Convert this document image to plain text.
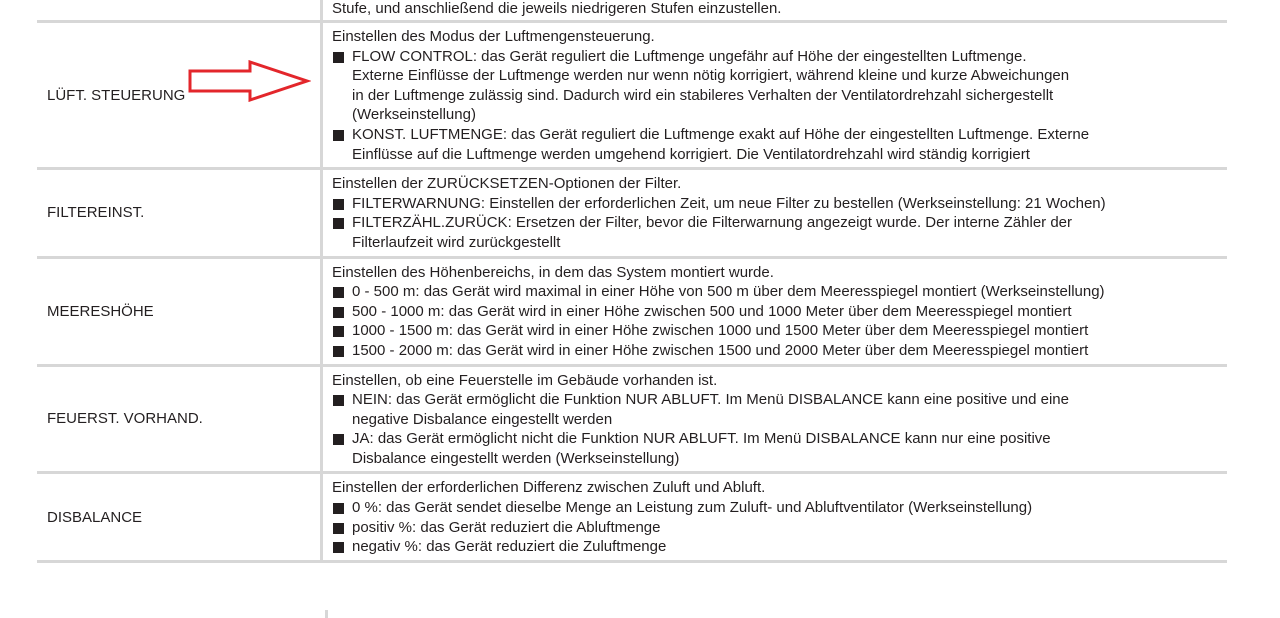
Stufe, und anschließend die jeweils niedrigeren Stufen einzustellen.
LÜFT. STEUERUNG
Einstellen des Modus der Luftmengensteuerung.
FLOW CONTROL: das Gerät reguliert die Luftmenge ungefähr auf Höhe der eingestellten Luftmenge.
Externe Einflüsse der Luftmenge werden nur wenn nötig korrigiert, während kleine und kurze Abweichungen
in der Luftmenge zulässig sind. Dadurch wird ein stabileres Verhalten der Ventilatordrehzahl sichergestellt
(Werkseinstellung)
KONST. LUFTMENGE: das Gerät reguliert die Luftmenge exakt auf Höhe der eingestellten Luftmenge. Externe
Einflüsse auf die Luftmenge werden umgehend korrigiert. Die Ventilatordrehzahl wird ständig korrigiert
FILTEREINST.
Einstellen der ZURÜCKSETZEN-Optionen der Filter.
FILTERWARNUNG: Einstellen der erforderlichen Zeit, um neue Filter zu bestellen (Werkseinstellung: 21 Wochen)
FILTERZÄHL.ZURÜCK: Ersetzen der Filter, bevor die Filterwarnung angezeigt wurde. Der interne Zähler der
Filterlaufzeit wird zurückgestellt
MEERESHÖHE
Einstellen des Höhenbereichs, in dem das System montiert wurde.
0 - 500 m: das Gerät wird maximal in einer Höhe von 500 m über dem Meeresspiegel montiert (Werkseinstellung)
500 - 1000 m: das Gerät wird in einer Höhe zwischen 500 und 1000 Meter über dem Meeresspiegel montiert
1000 - 1500 m: das Gerät wird in einer Höhe zwischen 1000 und 1500 Meter über dem Meeresspiegel montiert
1500 - 2000 m: das Gerät wird in einer Höhe zwischen 1500 und 2000 Meter über dem Meeresspiegel montiert
FEUERST. VORHAND.
Einstellen, ob eine Feuerstelle im Gebäude vorhanden ist.
NEIN: das Gerät ermöglicht die Funktion NUR ABLUFT. Im Menü DISBALANCE kann eine positive und eine
negative Disbalance eingestellt werden
JA: das Gerät ermöglicht nicht die Funktion NUR ABLUFT. Im Menü DISBALANCE kann nur eine positive
Disbalance eingestellt werden (Werkseinstellung)
DISBALANCE
Einstellen der erforderlichen Differenz zwischen Zuluft und Abluft.
0 %: das Gerät sendet dieselbe Menge an Leistung zum Zuluft- und Abluftventilator (Werkseinstellung)
positiv %: das Gerät reduziert die Abluftmenge
negativ %: das Gerät reduziert die Zuluftmenge
